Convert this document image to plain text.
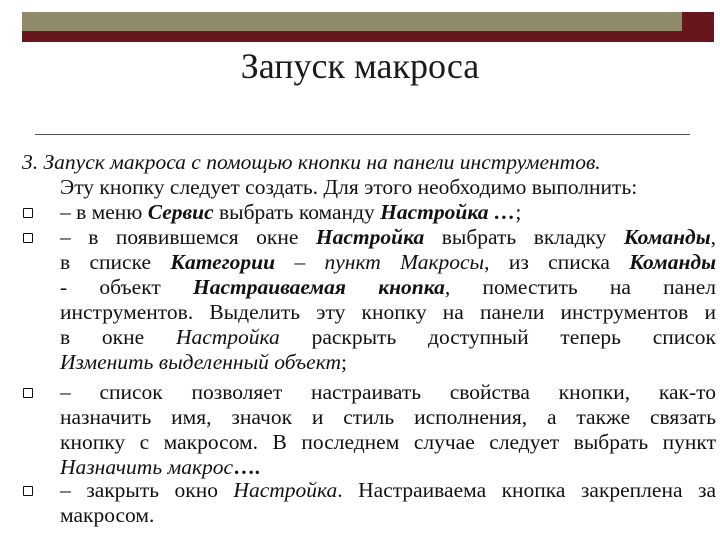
Запуск макроса
3. Запуск макроса с помощью кнопки на панели инструментов.
Эту кнопку следует создать. Для этого необходимо выполнить:
– в меню Сервис выбрать команду Настройка …;
– в появившемся окне Настройка выбрать вкладку Команды,
в списке Категории – пункт Макросы, из списка Команды
- объект Настраиваемая кнопка, поместить на панел
инструментов. Выделить эту кнопку на панели инструментов и
в окне Настройка раскрыть доступный теперь список
Изменить выделенный объект;
– список позволяет настраивать свойства кнопки, как-то
назначить имя, значок и стиль исполнения, а также связать
кнопку с макросом. В последнем случае следует выбрать пункт
Назначить макрос….
– закрыть окно Настройка. Настраиваема кнопка закреплена за
макросом.
